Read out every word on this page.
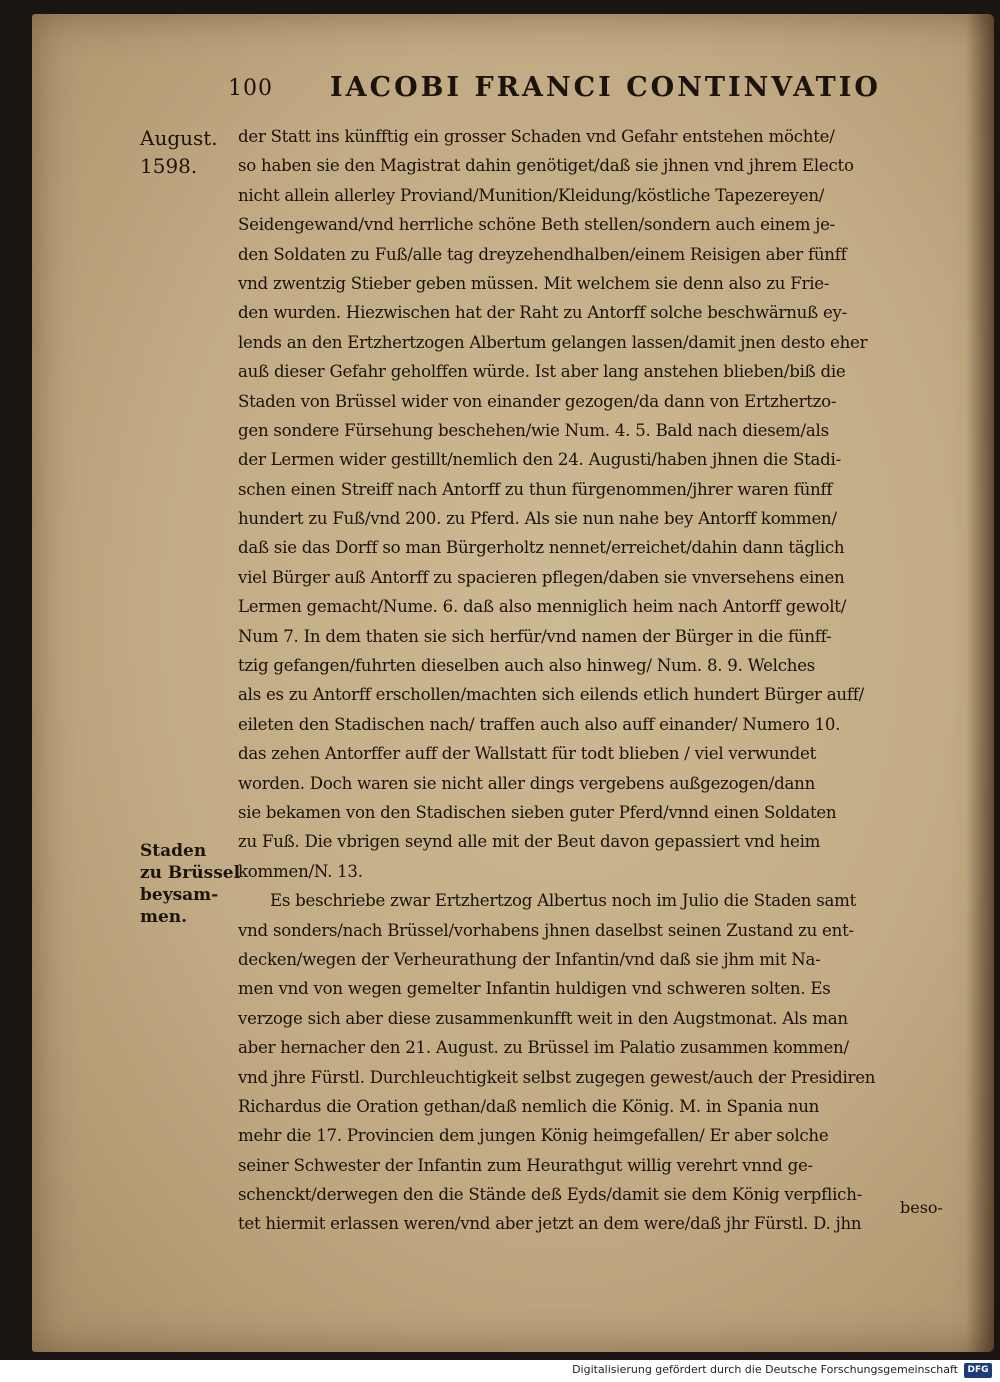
100 IACOBI FRANCI CONTINVATIO
August.
1598.
Staden
zu Brüssel
beysam-
men.
der Statt ins künfftig ein grosser Schaden vnd Gefahr entstehen möchte/
so haben sie den Magistrat dahin genötiget/daß sie jhnen vnd jhrem Electo
nicht allein allerley Proviand/Munition/Kleidung/köstliche Tapezereyen/
Seidengewand/vnd herrliche schöne Beth stellen/sondern auch einem je-
den Soldaten zu Fuß/alle tag dreyzehendhalben/einem Reisigen aber fünff
vnd zwentzig Stieber geben müssen. Mit welchem sie denn also zu Frie-
den wurden. Hiezwischen hat der Raht zu Antorff solche beschwärnuß ey-
lends an den Ertzhertzogen Albertum gelangen lassen/damit jnen desto eher
auß dieser Gefahr geholffen würde. Ist aber lang anstehen blieben/biß die
Staden von Brüssel wider von einander gezogen/da dann von Ertzhertzo-
gen sondere Fürsehung beschehen/wie Num. 4. 5. Bald nach diesem/als
der Lermen wider gestillt/nemlich den 24. Augusti/haben jhnen die Stadi-
schen einen Streiff nach Antorff zu thun fürgenommen/jhrer waren fünff
hundert zu Fuß/vnd 200. zu Pferd. Als sie nun nahe bey Antorff kommen/
daß sie das Dorff so man Bürgerholtz nennet/erreichet/dahin dann täglich
viel Bürger auß Antorff zu spacieren pflegen/daben sie vnversehens einen
Lermen gemacht/Nume. 6. daß also menniglich heim nach Antorff gewolt/
Num 7. In dem thaten sie sich herfür/vnd namen der Bürger in die fünff-
tzig gefangen/fuhrten dieselben auch also hinweg/ Num. 8. 9. Welches
als es zu Antorff erschollen/machten sich eilends etlich hundert Bürger auff/
eileten den Stadischen nach/ traffen auch also auff einander/ Numero 10.
das zehen Antorffer auff der Wallstatt für todt blieben / viel verwundet
worden. Doch waren sie nicht aller dings vergebens außgezogen/dann
sie bekamen von den Stadischen sieben guter Pferd/vnnd einen Soldaten
zu Fuß. Die vbrigen seynd alle mit der Beut davon gepassiert vnd heim
kommen/N. 13.
Es beschriebe zwar Ertzhertzog Albertus noch im Julio die Staden samt
vnd sonders/nach Brüssel/vorhabens jhnen daselbst seinen Zustand zu ent-
decken/wegen der Verheurathung der Infantin/vnd daß sie jhm mit Na-
men vnd von wegen gemelter Infantin huldigen vnd schweren solten. Es
verzoge sich aber diese zusammenkunfft weit in den Augstmonat. Als man
aber hernacher den 21. August. zu Brüssel im Palatio zusammen kommen/
vnd jhre Fürstl. Durchleuchtigkeit selbst zugegen gewest/auch der Presidiren
Richardus die Oration gethan/daß nemlich die König. M. in Spania nun
mehr die 17. Provincien dem jungen König heimgefallen/ Er aber solche
seiner Schwester der Infantin zum Heurathgut willig verehrt vnnd ge-
schenckt/derwegen den die Stände deß Eyds/damit sie dem König verpflich-
tet hiermit erlassen weren/vnd aber jetzt an dem were/daß jhr Fürstl. D. jhn
beso-
Digitalisierung gefördert durch die Deutsche Forschungsgemeinschaft	DFG
